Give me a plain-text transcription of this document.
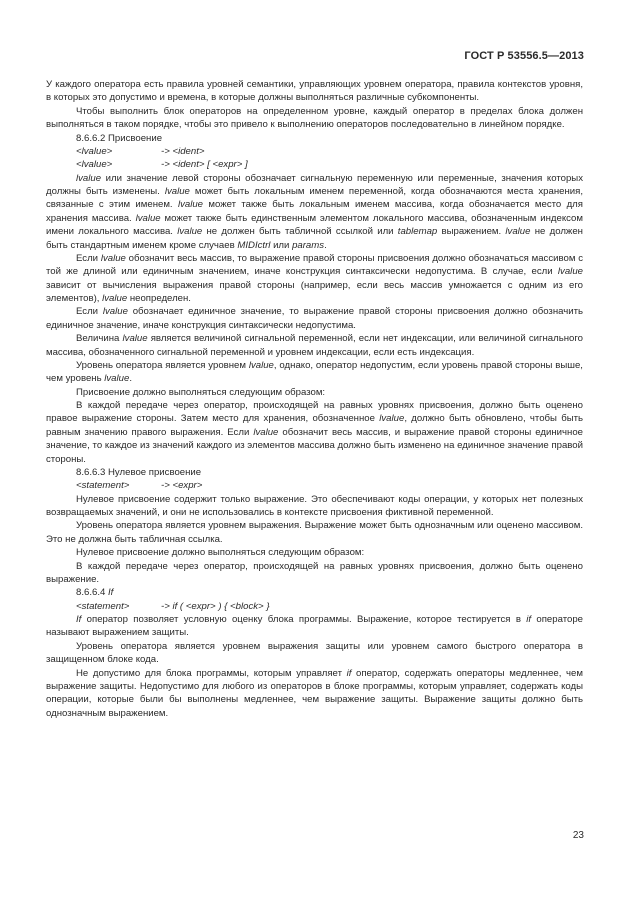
ГОСТ Р 53556.5—2013

У каждого оператора есть правила уровней семантики, управляющих уровнем оператора, правила контекстов уровня, в которых это допустимо и времена, в которые должны выполняться различные субкомпоненты.

Чтобы выполнить блок операторов на определенном уровне, каждый оператор в пределах блока должен выполняться в таком порядке, чтобы это привело к выполнению операторов последовательно в линейном порядке.

8.6.6.2 Присвоение

<lvalue>	-> <ident>
<lvalue>	-> <ident> [ <expr> ]

lvalue или значение левой стороны обозначает сигнальную переменную или переменные, значения которых должны быть изменены. lvalue может быть локальным именем переменной, когда обозначаются места хранения, связанные с этим именем. lvalue может также быть локальным именем массива, когда обозначается место для хранения массива. lvalue может также быть единственным элементом локального массива, обозначенным индексом имени локального массива. lvalue не должен быть табличной ссылкой или tablemap выражением. lvalue не должен быть стандартным именем кроме случаев MIDIctrl или params.

Если lvalue обозначит весь массив, то выражение правой стороны присвоения должно обозначаться массивом с той же длиной или единичным значением, иначе конструкция синтаксически недопустима. В случае, если lvalue зависит от вычисления выражения правой стороны (например, если весь массив умножается с одним из его элементов), lvalue неопределен.

Если lvalue обозначает единичное значение, то выражение правой стороны присвоения должно обозначить единичное значение, иначе конструкция синтаксически недопустима.

Величина lvalue является величиной сигнальной переменной, если нет индексации, или величиной сигнального массива, обозначенного сигнальной переменной и уровнем индексации, если есть индексация.

Уровень оператора является уровнем lvalue, однако, оператор недопустим, если уровень правой стороны выше, чем уровень lvalue.

Присвоение должно выполняться следующим образом:

В каждой передаче через оператор, происходящей на равных уровнях присвоения, должно быть оценено правое выражение стороны. Затем место для хранения, обозначенное lvalue, должно быть обновлено, чтобы быть равным значению правого выражения. Если lvalue обозначит весь массив, и выражение правой стороны единичное значение, то каждое из значений каждого из элементов массива должно быть изменено на единичное значение правой стороны.

8.6.6.3 Нулевое присвоение

<statement>	-> <expr>

Нулевое присвоение содержит только выражение. Это обеспечивают коды операции, у которых нет полезных возвращаемых значений, и они не использовались в контексте присвоения фиктивной переменной.

Уровень оператора является уровнем выражения. Выражение может быть однозначным или оценено массивом. Это не должна быть табличная ссылка.

Нулевое присвоение должно выполняться следующим образом:

В каждой передаче через оператор, происходящей на равных уровнях присвоения, должно быть оценено выражение.

8.6.6.4 If

<statement>	-> if ( <expr> ) { <block> }

If оператор позволяет условную оценку блока программы. Выражение, которое тестируется в if операторе называют выражением защиты.

Уровень оператора является уровнем выражения защиты или уровнем самого быстрого оператора в защищенном блоке кода.

Не допустимо для блока программы, которым управляет if оператор, содержать операторы медленнее, чем выражение защиты. Недопустимо для любого из операторов в блоке программы, которым управляет, содержать коды операции, которые были бы выполнены медленнее, чем выражение защиты. Выражение защиты должно быть однозначным выражением.

23
